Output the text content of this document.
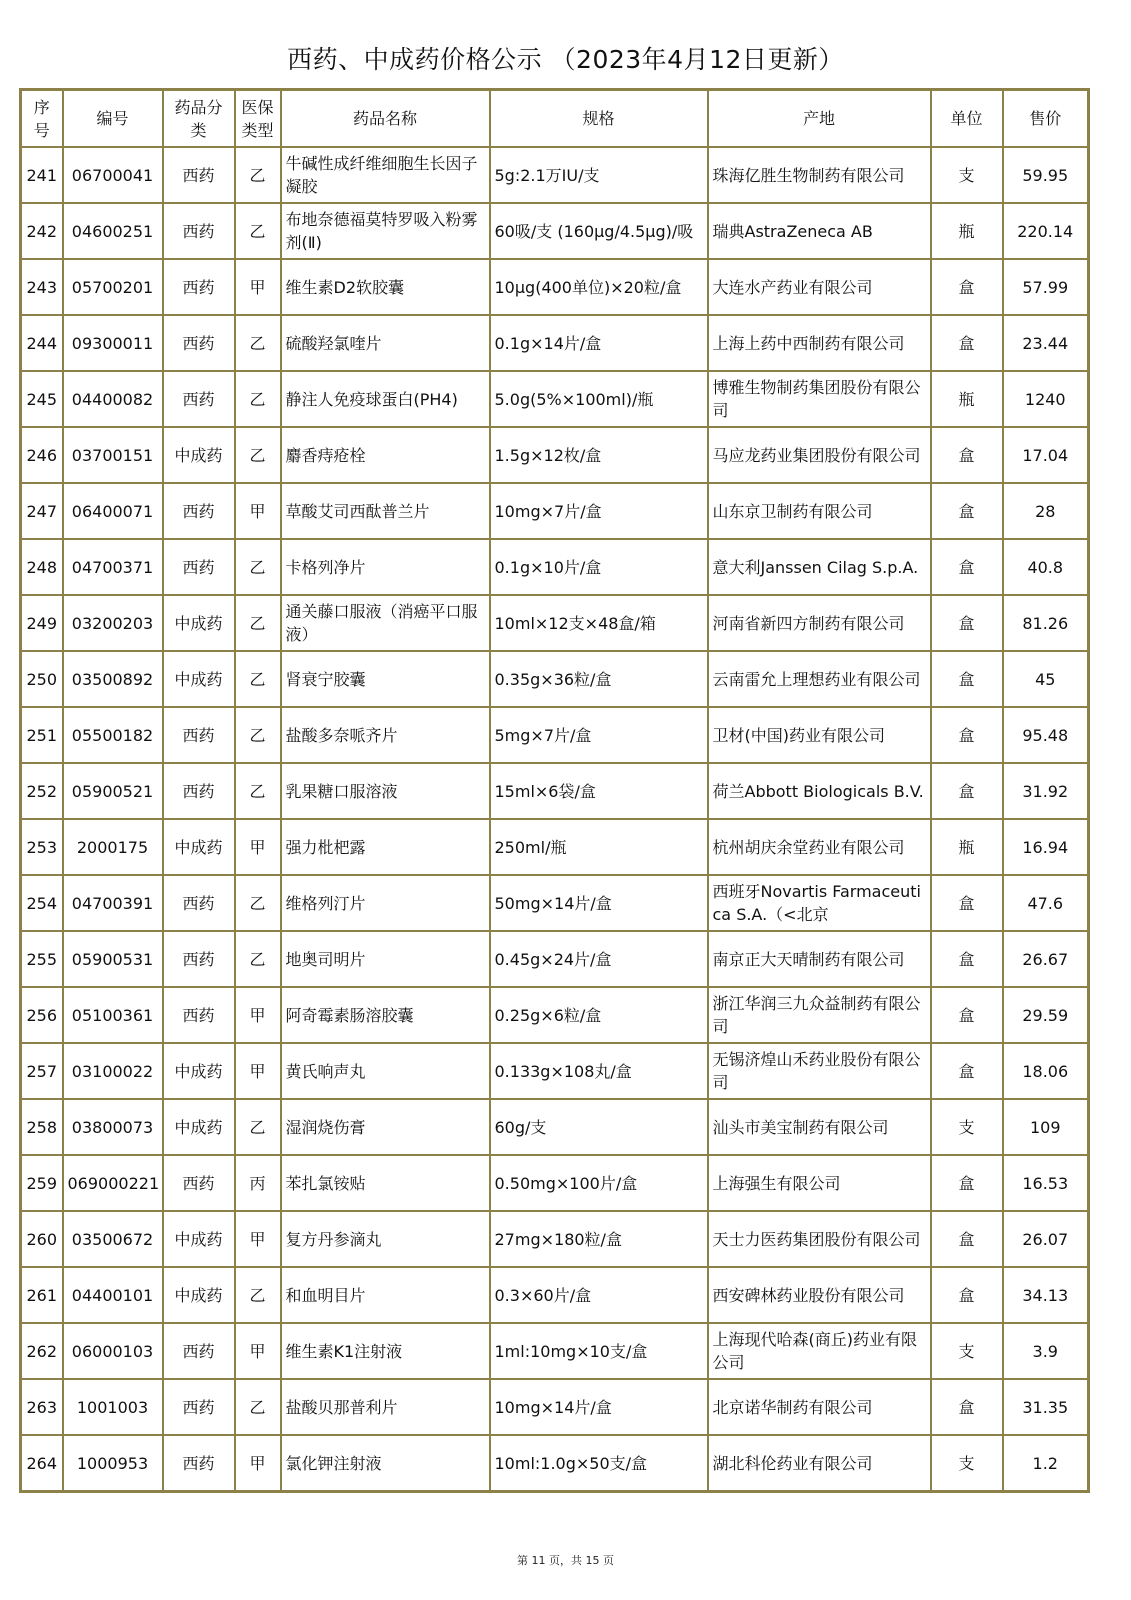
西药、中成药价格公示 （2023年4月12日更新）
序号	编号	药品分类	医保类型	药品名称	规格	产地	单位	售价
241	06700041	西药	乙	牛碱性成纤维细胞生长因子凝胶	5g:2.1万IU/支	珠海亿胜生物制药有限公司	支	59.95
242	04600251	西药	乙	布地奈德福莫特罗吸入粉雾剂(Ⅱ)	60吸/支 (160μg/4.5μg)/吸	瑞典AstraZeneca AB	瓶	220.14
243	05700201	西药	甲	维生素D2软胶囊	10μg(400单位)×20粒/盒	大连水产药业有限公司	盒	57.99
244	09300011	西药	乙	硫酸羟氯喹片	0.1g×14片/盒	上海上药中西制药有限公司	盒	23.44
245	04400082	西药	乙	静注人免疫球蛋白(PH4)	5.0g(5%×100ml)/瓶	博雅生物制药集团股份有限公司	瓶	1240
246	03700151	中成药	乙	麝香痔疮栓	1.5g×12枚/盒	马应龙药业集团股份有限公司	盒	17.04
247	06400071	西药	甲	草酸艾司西酞普兰片	10mg×7片/盒	山东京卫制药有限公司	盒	28
248	04700371	西药	乙	卡格列净片	0.1g×10片/盒	意大利Janssen Cilag S.p.A.	盒	40.8
249	03200203	中成药	乙	通关藤口服液（消癌平口服液）	10ml×12支×48盒/箱	河南省新四方制药有限公司	盒	81.26
250	03500892	中成药	乙	肾衰宁胶囊	0.35g×36粒/盒	云南雷允上理想药业有限公司	盒	45
251	05500182	西药	乙	盐酸多奈哌齐片	5mg×7片/盒	卫材(中国)药业有限公司	盒	95.48
252	05900521	西药	乙	乳果糖口服溶液	15ml×6袋/盒	荷兰Abbott Biologicals B.V.	盒	31.92
253	2000175	中成药	甲	强力枇杷露	250ml/瓶	杭州胡庆余堂药业有限公司	瓶	16.94
254	04700391	西药	乙	维格列汀片	50mg×14片/盒	西班牙Novartis Farmaceutica S.A.（<北京	盒	47.6
255	05900531	西药	乙	地奥司明片	0.45g×24片/盒	南京正大天晴制药有限公司	盒	26.67
256	05100361	西药	甲	阿奇霉素肠溶胶囊	0.25g×6粒/盒	浙江华润三九众益制药有限公司	盒	29.59
257	03100022	中成药	甲	黄氏响声丸	0.133g×108丸/盒	无锡济煌山禾药业股份有限公司	盒	18.06
258	03800073	中成药	乙	湿润烧伤膏	60g/支	汕头市美宝制药有限公司	支	109
259	069000221	西药	丙	苯扎氯铵贴	0.50mg×100片/盒	上海强生有限公司	盒	16.53
260	03500672	中成药	甲	复方丹参滴丸	27mg×180粒/盒	天士力医药集团股份有限公司	盒	26.07
261	04400101	中成药	乙	和血明目片	0.3×60片/盒	西安碑林药业股份有限公司	盒	34.13
262	06000103	西药	甲	维生素K1注射液	1ml:10mg×10支/盒	上海现代哈森(商丘)药业有限公司	支	3.9
263	1001003	西药	乙	盐酸贝那普利片	10mg×14片/盒	北京诺华制药有限公司	盒	31.35
264	1000953	西药	甲	氯化钾注射液	10ml:1.0g×50支/盒	湖北科伦药业有限公司	支	1.2
第 11 页，共 15 页
